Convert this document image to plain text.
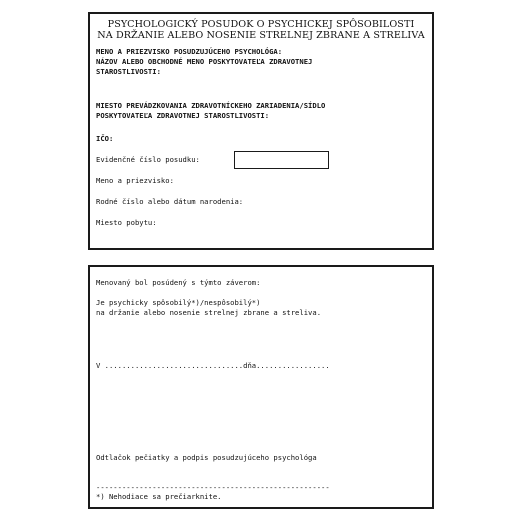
PSYCHOLOGICKÝ POSUDOK O PSYCHICKEJ SPÔSOBILOSTI
NA DRŽANIE ALEBO NOSENIE STRELNEJ ZBRANE A STRELIVA
MENO A PRIEZVISKO POSUDZUJÚCEHO PSYCHOLÓGA:
NÁZOV ALEBO OBCHODNÉ MENO POSKYTOVATEĽA ZDRAVOTNEJ
STAROSTLIVOSTI:
MIESTO PREVÁDZKOVANIA ZDRAVOTNÍCKEHO ZARIADENIA/SÍDLO
POSKYTOVATEĽA ZDRAVOTNEJ STAROSTLIVOSTI:
IČO:
Evidenčné číslo posudku:
Meno a priezvisko:
Rodné číslo alebo dátum narodenia:
Miesto pobytu:
Menovaný bol posúdený s týmto záverom:
Je psychicky spôsobilý*)/nespôsobilý*)
na držanie alebo nosenie strelnej zbrane a streliva.
V ................................dňa.................
Odtlačok pečiatky a podpis posudzujúceho psychológa
------------------------------------------------------
*) Nehodiace sa prečiarknite.
